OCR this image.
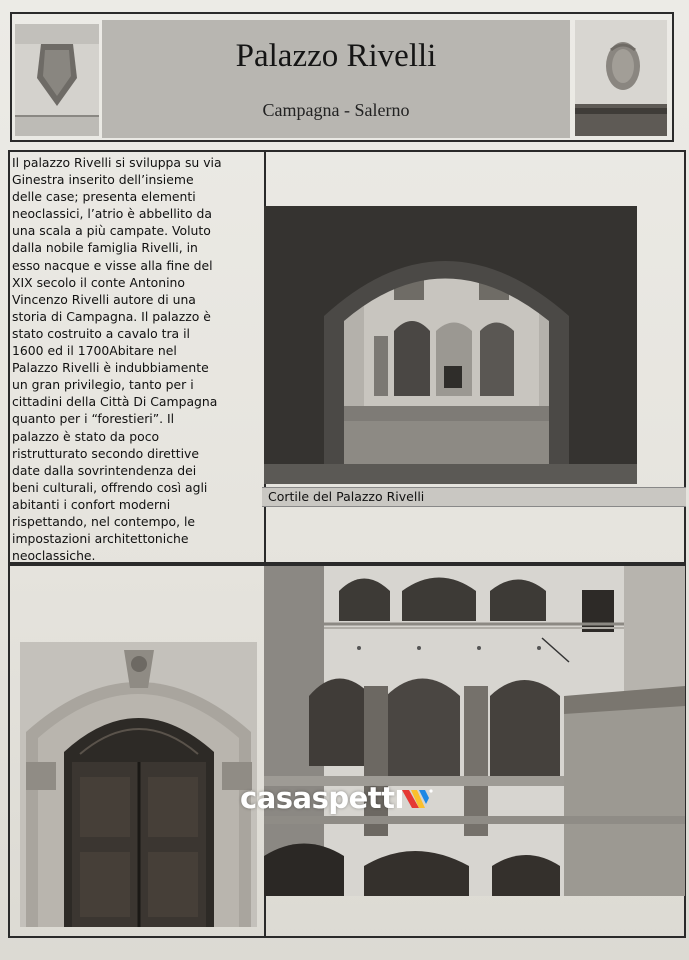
Palazzo Rivelli
Campagna - Salerno
Il palazzo Rivelli si sviluppa su via
Ginestra inserito dell’insieme
delle case; presenta elementi
neoclassici, l’atrio è abbellito da
una scala a più campate. Voluto
dalla nobile famiglia Rivelli, in
esso nacque e visse alla fine del
XIX secolo il conte Antonino
Vincenzo Rivelli autore di una
storia di Campagna. Il palazzo è
stato costruito a cavalo tra il
1600 ed il 1700Abitare nel
Palazzo Rivelli è indubbiamente
un gran privilegio, tanto per i
cittadini della Città Di Campagna
quanto per i “forestieri”. Il
palazzo è stato da poco
ristrutturato secondo direttive
date dalla sovrintendenza dei
beni culturali, offrendo così agli
abitanti i confort moderni
rispettando, nel contempo, le
impostazioni architettoniche
neoclassiche.
Cortile del Palazzo Rivelli
casaspett
